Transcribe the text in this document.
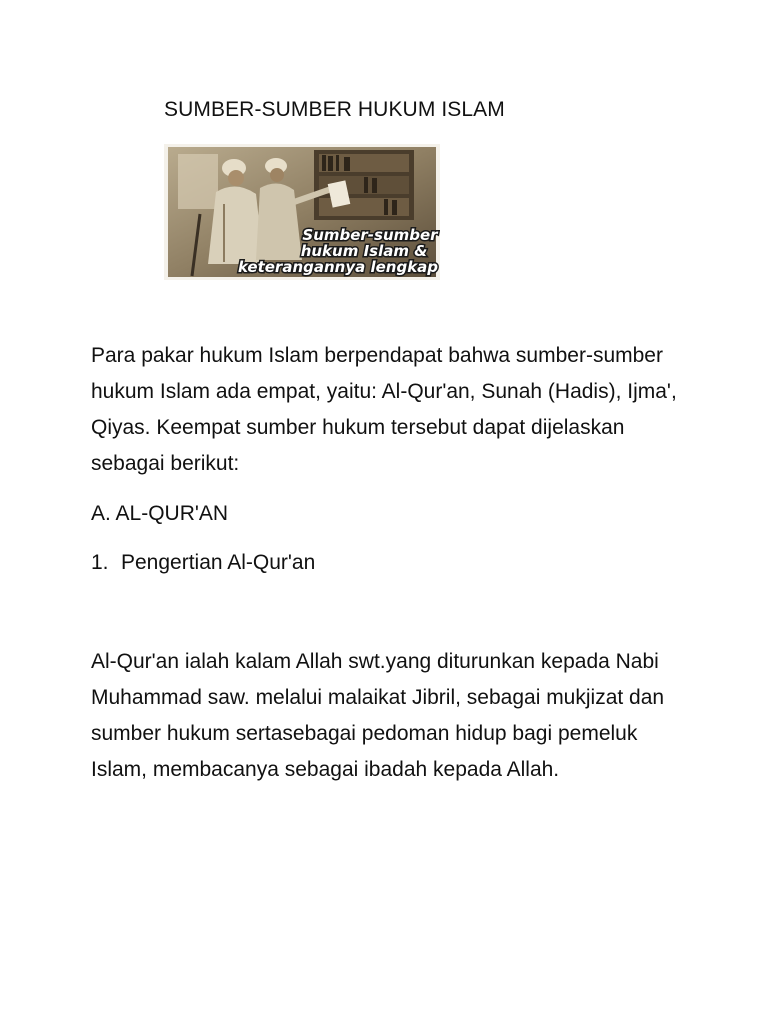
SUMBER-SUMBER HUKUM ISLAM
Sumber-sumber
hukum Islam &
keterangannya lengkap

Para pakar hukum Islam berpendapat bahwa sumber-sumber hukum Islam ada empat, yaitu: Al-Qur'an, Sunah (Hadis), Ijma', Qiyas. Keempat sumber hukum tersebut dapat dijelaskan sebagai berikut:

A. AL-QUR'AN

1. Pengertian Al-Qur'an

Al-Qur'an ialah kalam Allah swt.yang diturunkan kepada Nabi Muhammad saw. melalui malaikat Jibril, sebagai mukjizat dan sumber hukum sertasebagai pedoman hidup bagi pemeluk Islam, membacanya sebagai ibadah kepada Allah.
